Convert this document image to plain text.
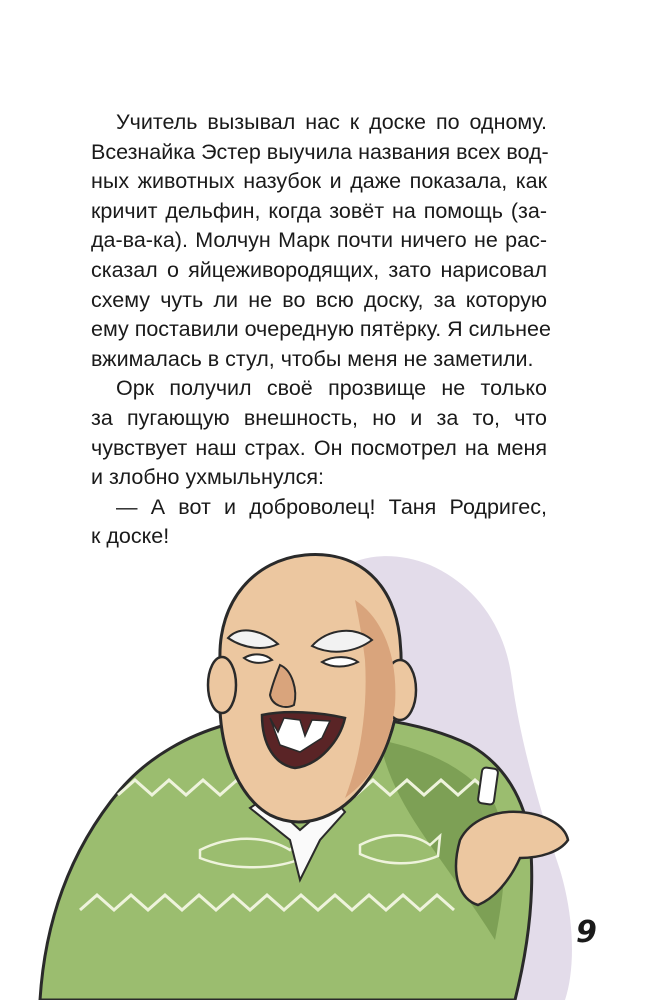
Учитель вызывал нас к доске по одному.
Всезнайка Эстер выучила названия всех вод-
ных животных назубок и даже показала, как
кричит дельфин, когда зовёт на помощь (за-
да-ва-ка). Молчун Марк почти ничего не рас-
сказал о яйцеживородящих, зато нарисовал
схему чуть ли не во всю доску, за которую
ему поставили очередную пятёрку. Я сильнее
вжималась в стул, чтобы меня не заметили.
Орк получил своё прозвище не только
за пугающую внешность, но и за то, что
чувствует наш страх. Он посмотрел на меня
и злобно ухмыльнулся:
— А вот и доброволец! Таня Родригес,
к доске!
9
